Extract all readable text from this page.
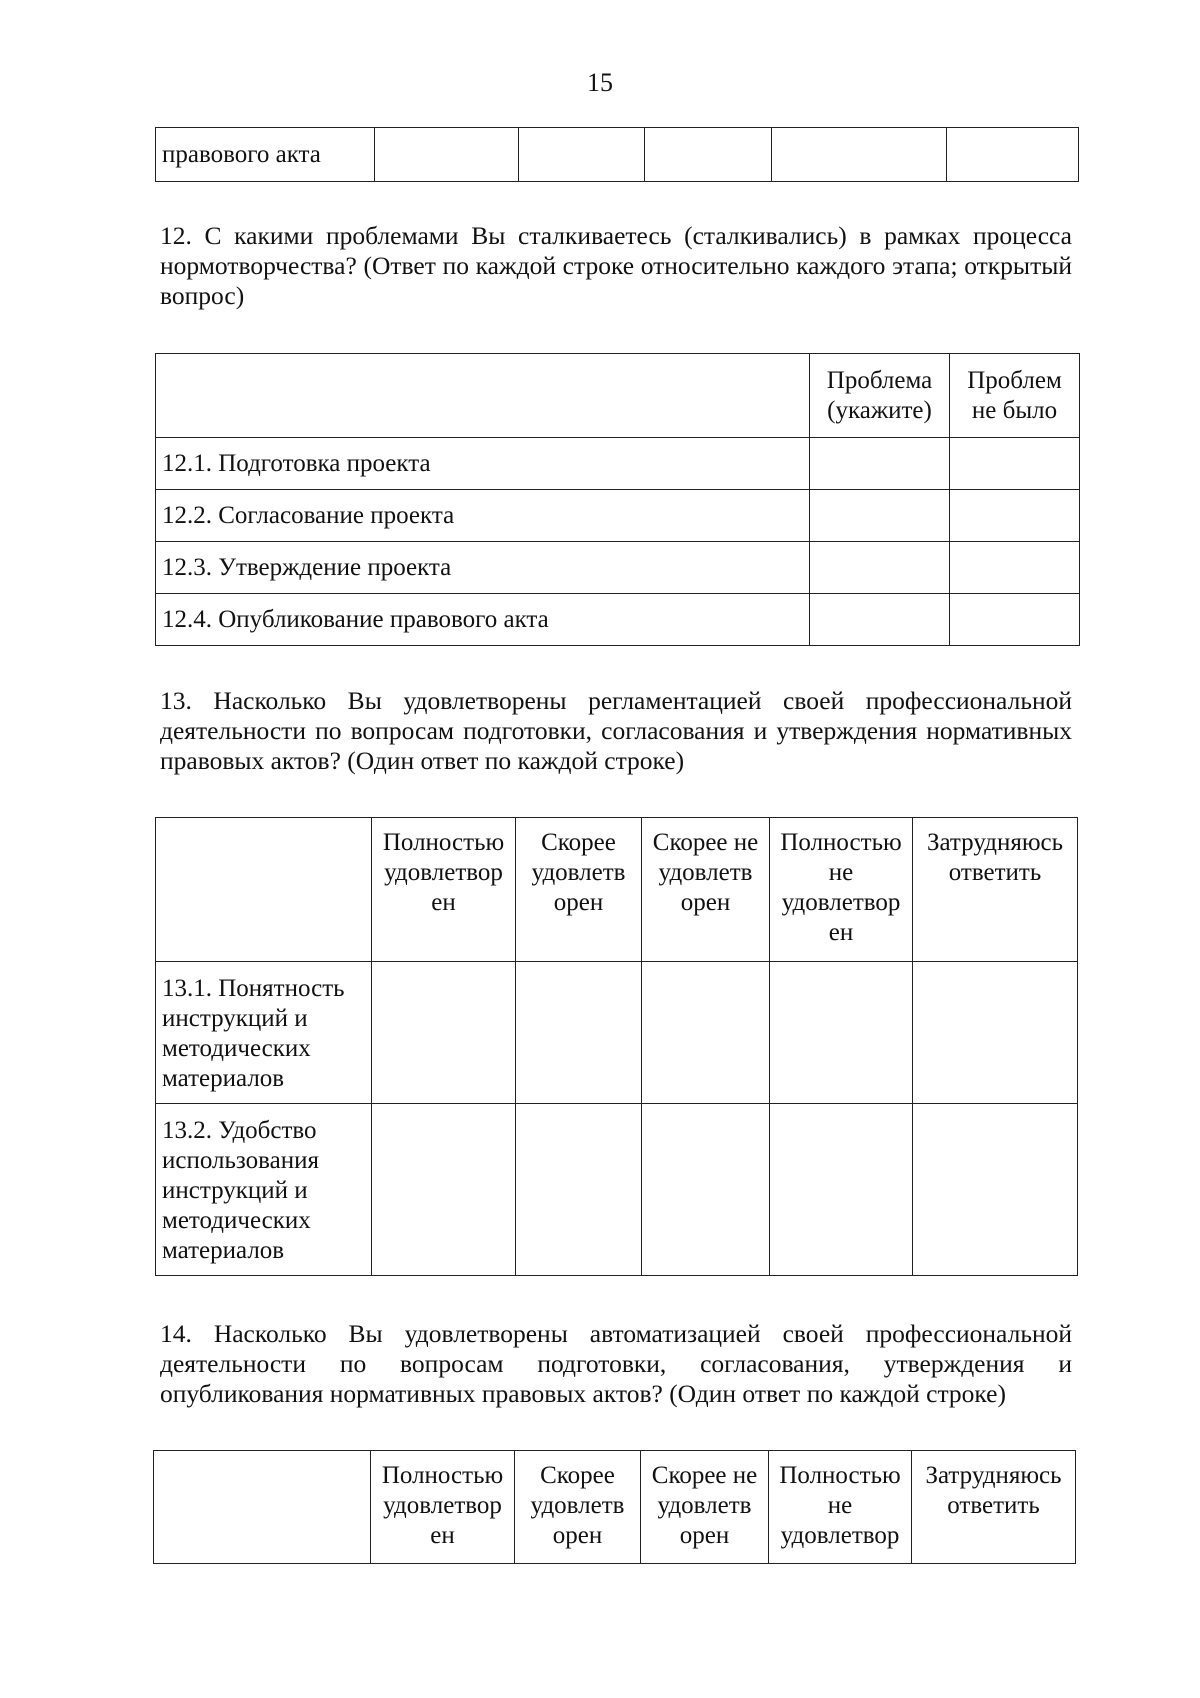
15
правового акта					

12. С какими проблемами Вы сталкиваетесь (сталкивались) в рамках процесса нормотворчества? (Ответ по каждой строке относительно каждого этапа; открытый вопрос)

	Проблема (укажите)	Проблем не было
12.1. Подготовка проекта		
12.2. Согласование проекта		
12.3. Утверждение проекта		
12.4. Опубликование правового акта		

13. Насколько Вы удовлетворены регламентацией своей профессиональной деятельности по вопросам подготовки, согласования и утверждения нормативных правовых актов? (Один ответ по каждой строке)

	Полностью удовлетвор ен	Скорее удовлетв орен	Скорее не удовлетв орен	Полностью не удовлетвор ен	Затрудняюсь ответить
13.1. Понятность инструкций и методических материалов					
13.2. Удобство использования инструкций и методических материалов					

14. Насколько Вы удовлетворены автоматизацией своей профессиональной деятельности по вопросам подготовки, согласования, утверждения и опубликования нормативных правовых актов? (Один ответ по каждой строке)

	Полностью удовлетвор ен	Скорее удовлетв орен	Скорее не удовлетв орен	Полностью не удовлетвор	Затрудняюсь ответить
